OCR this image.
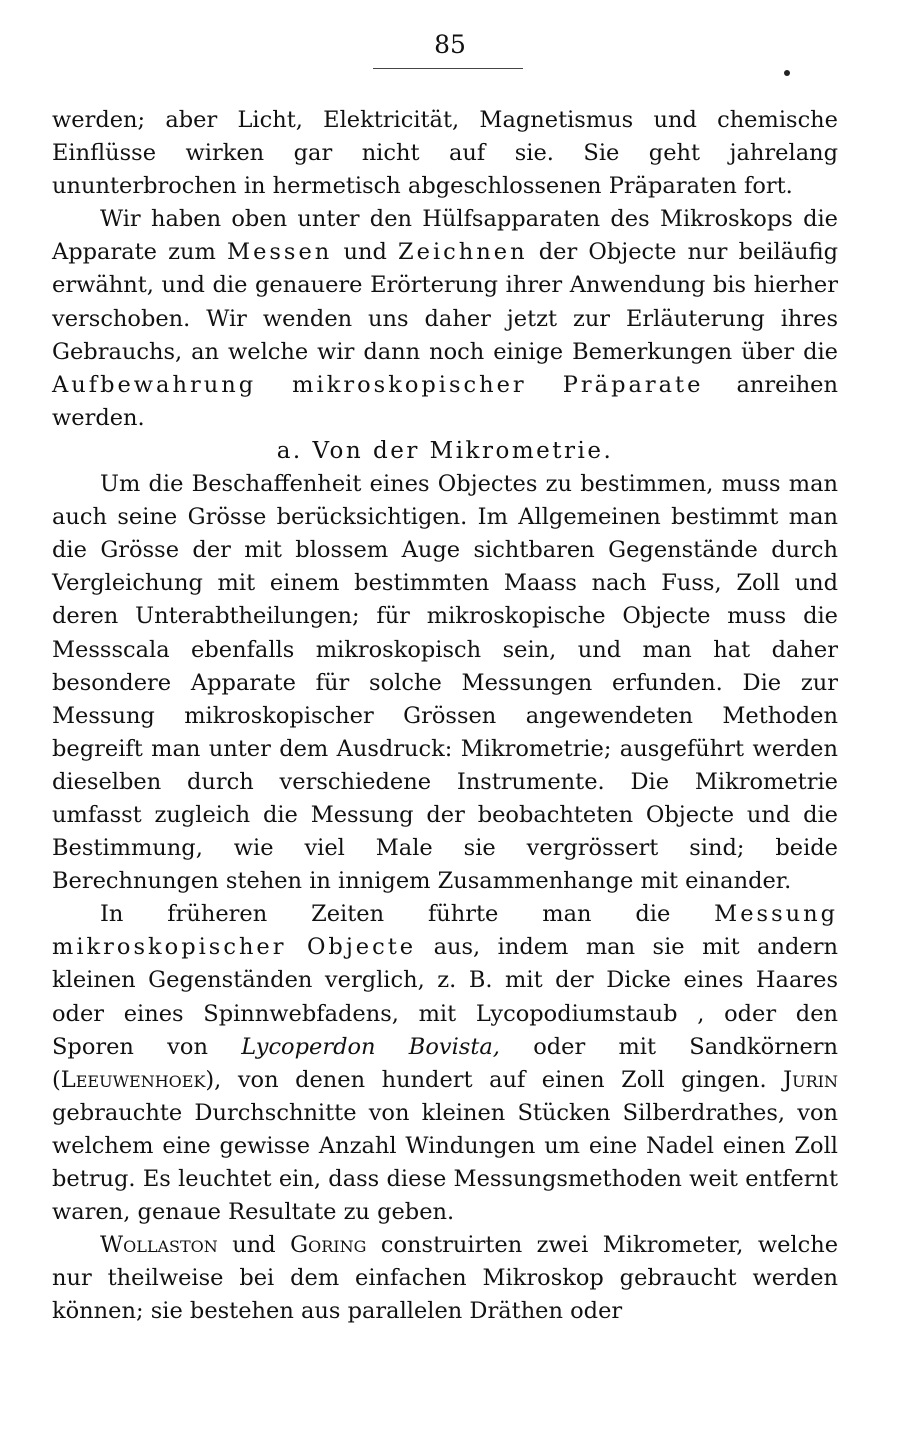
85

werden; aber Licht, Elektricität, Magnetismus und chemische Einflüsse wirken gar nicht auf sie. Sie geht jahrelang ununterbrochen in hermetisch abgeschlossenen Präparaten fort.

Wir haben oben unter den Hülfsapparaten des Mikroskops die Apparate zum Messen und Zeichnen der Objecte nur beiläufig erwähnt, und die genauere Erörterung ihrer Anwendung bis hierher verschoben. Wir wenden uns daher jetzt zur Erläuterung ihres Gebrauchs, an welche wir dann noch einige Bemerkungen über die Aufbewahrung mikroskopischer Präparate anreihen werden.

a. Von der Mikrometrie.

Um die Beschaffenheit eines Objectes zu bestimmen, muss man auch seine Grösse berücksichtigen. Im Allgemeinen bestimmt man die Grösse der mit blossem Auge sichtbaren Gegenstände durch Vergleichung mit einem bestimmten Maass nach Fuss, Zoll und deren Unterabtheilungen; für mikroskopische Objecte muss die Messscala ebenfalls mikroskopisch sein, und man hat daher besondere Apparate für solche Messungen erfunden. Die zur Messung mikroskopischer Grössen angewendeten Methoden begreift man unter dem Ausdruck: Mikrometrie; ausgeführt werden dieselben durch verschiedene Instrumente. Die Mikrometrie umfasst zugleich die Messung der beobachteten Objecte und die Bestimmung, wie viel Male sie vergrössert sind; beide Berechnungen stehen in innigem Zusammenhange mit einander.

In früheren Zeiten führte man die Messung mikroskopischer Objecte aus, indem man sie mit andern kleinen Gegenständen verglich, z. B. mit der Dicke eines Haares oder eines Spinnwebfadens, mit Lycopodiumstaub , oder den Sporen von Lycoperdon Bovista, oder mit Sandkörnern (Leeuwenhoek), von denen hundert auf einen Zoll gingen. Jurin gebrauchte Durchschnitte von kleinen Stücken Silberdrathes, von welchem eine gewisse Anzahl Windungen um eine Nadel einen Zoll betrug. Es leuchtet ein, dass diese Messungsmethoden weit entfernt waren, genaue Resultate zu geben.

Wollaston und Goring construirten zwei Mikrometer, welche nur theilweise bei dem einfachen Mikroskop gebraucht werden können; sie bestehen aus parallelen Dräthen oder
